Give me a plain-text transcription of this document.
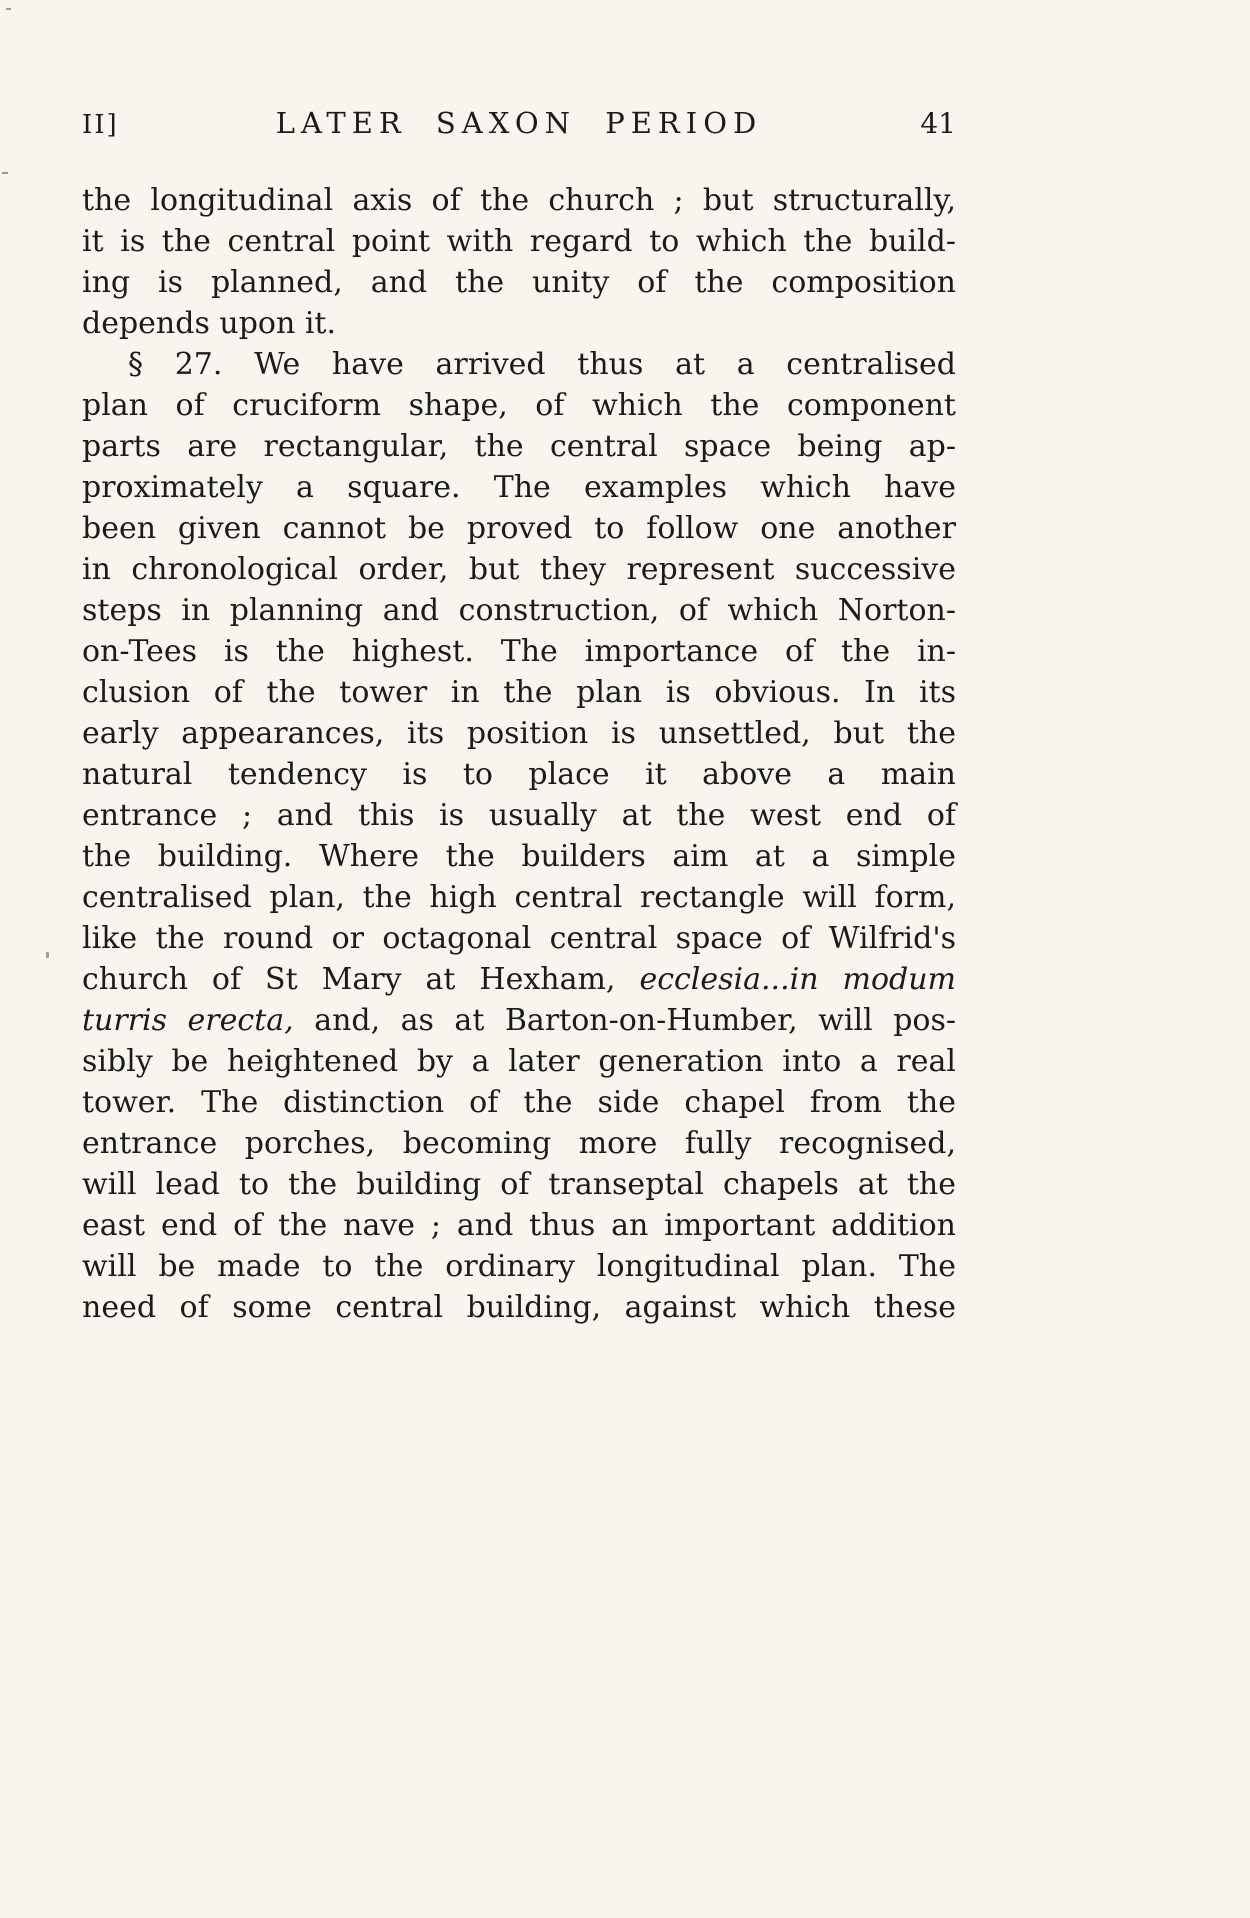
II]	LATER SAXON PERIOD	41
the longitudinal axis of the church ; but structurally,
it is the central point with regard to which the build-
ing is planned, and the unity of the composition
depends upon it.
§ 27. We have arrived thus at a centralised
plan of cruciform shape, of which the component
parts are rectangular, the central space being ap-
proximately a square. The examples which have
been given cannot be proved to follow one another
in chronological order, but they represent successive
steps in planning and construction, of which Norton-
on-Tees is the highest. The importance of the in-
clusion of the tower in the plan is obvious. In its
early appearances, its position is unsettled, but the
natural tendency is to place it above a main
entrance ; and this is usually at the west end of
the building. Where the builders aim at a simple
centralised plan, the high central rectangle will form,
like the round or octagonal central space of Wilfrid's
church of St Mary at Hexham, ecclesia...in modum
turris erecta, and, as at Barton-on-Humber, will pos-
sibly be heightened by a later generation into a real
tower. The distinction of the side chapel from the
entrance porches, becoming more fully recognised,
will lead to the building of transeptal chapels at the
east end of the nave ; and thus an important addition
will be made to the ordinary longitudinal plan. The
need of some central building, against which these
